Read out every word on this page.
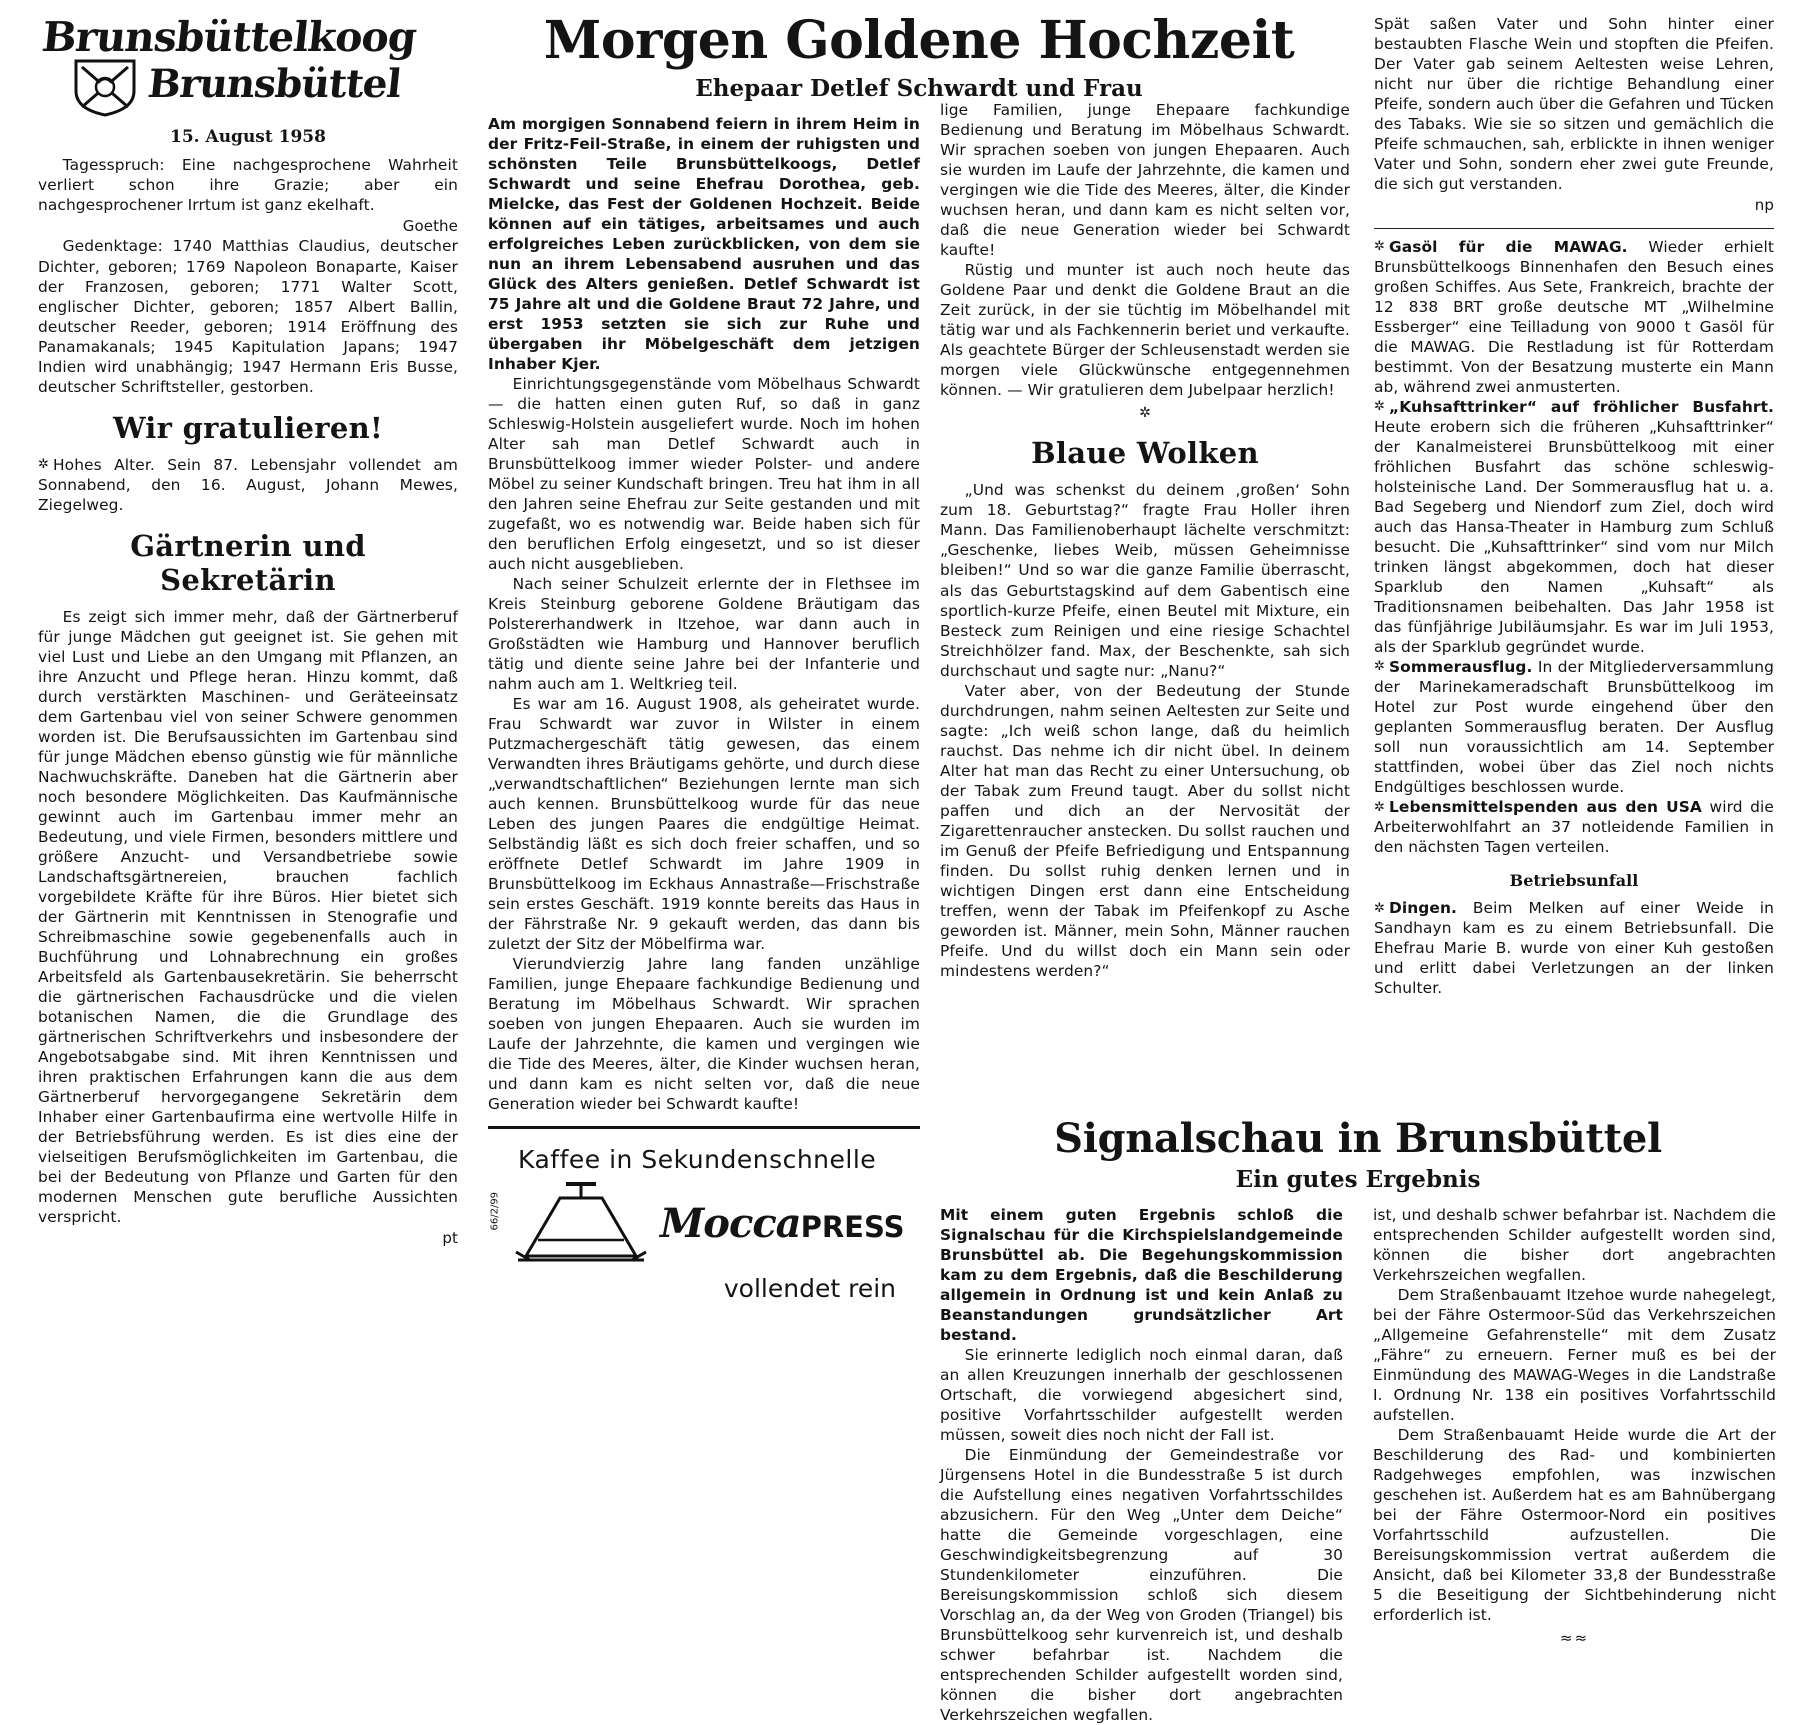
Brunsbüttelkoog
Brunsbüttel
15. August 1958

Tagesspruch: Eine nachgesprochene Wahrheit verliert schon ihre Grazie; aber ein nachgesprochener Irrtum ist ganz ekelhaft.

Goethe

Gedenktage: 1740 Matthias Claudius, deutscher Dichter, geboren; 1769 Napoleon Bonaparte, Kaiser der Franzosen, geboren; 1771 Walter Scott, englischer Dichter, geboren; 1857 Albert Ballin, deutscher Reeder, geboren; 1914 Eröffnung des Panamakanals; 1945 Kapitulation Japans; 1947 Indien wird unabhängig; 1947 Hermann Eris Busse, deutscher Schriftsteller, gestorben.

Wir gratulieren!

✲ Hohes Alter. Sein 87. Lebensjahr vollendet am Sonnabend, den 16. August, Johann Mewes, Ziegelweg.

Gärtnerin und Sekretärin

Es zeigt sich immer mehr, daß der Gärtnerberuf für junge Mädchen gut geeignet ist. Sie gehen mit viel Lust und Liebe an den Umgang mit Pflanzen, an ihre Anzucht und Pflege heran. Hinzu kommt, daß durch verstärkten Maschinen- und Geräteeinsatz dem Gartenbau viel von seiner Schwere genommen worden ist. Die Berufsaussichten im Gartenbau sind für junge Mädchen ebenso günstig wie für männliche Nachwuchskräfte. Daneben hat die Gärtnerin aber noch besondere Möglichkeiten. Das Kaufmännische gewinnt auch im Gartenbau immer mehr an Bedeutung, und viele Firmen, besonders mittlere und größere Anzucht- und Versandbetriebe sowie Landschaftsgärtnereien, brauchen fachlich vorgebildete Kräfte für ihre Büros. Hier bietet sich der Gärtnerin mit Kenntnissen in Stenografie und Schreibmaschine sowie gegebenenfalls auch in Buchführung und Lohnabrechnung ein großes Arbeitsfeld als Gartenbausekretärin. Sie beherrscht die gärtnerischen Fachausdrücke und die vielen botanischen Namen, die die Grundlage des gärtnerischen Schriftverkehrs und insbesondere der Angebotsabgabe sind. Mit ihren Kenntnissen und ihren praktischen Erfahrungen kann die aus dem Gärtnerberuf hervorgegangene Sekretärin dem Inhaber einer Gartenbaufirma eine wertvolle Hilfe in der Betriebsführung werden. Es ist dies eine der vielseitigen Berufsmöglichkeiten im Gartenbau, die bei der Bedeutung von Pflanze und Garten für den modernen Menschen gute berufliche Aussichten verspricht.

pt
Morgen Goldene Hochzeit
Ehepaar Detlef Schwardt und Frau

Am morgigen Sonnabend feiern in ihrem Heim in der Fritz-Feil-Straße, in einem der ruhigsten und schönsten Teile Brunsbüttelkoogs, Detlef Schwardt und seine Ehefrau Dorothea, geb. Mielcke, das Fest der Goldenen Hochzeit. Beide können auf ein tätiges, arbeitsames und auch erfolgreiches Leben zurückblicken, von dem sie nun an ihrem Lebensabend ausruhen und das Glück des Alters genießen. Detlef Schwardt ist 75 Jahre alt und die Goldene Braut 72 Jahre, und erst 1953 setzten sie sich zur Ruhe und übergaben ihr Möbelgeschäft dem jetzigen Inhaber Kjer.

Einrichtungsgegenstände vom Möbelhaus Schwardt — die hatten einen guten Ruf, so daß in ganz Schleswig-Holstein ausgeliefert wurde. Noch im hohen Alter sah man Detlef Schwardt auch in Brunsbüttelkoog immer wieder Polster- und andere Möbel zu seiner Kundschaft bringen. Treu hat ihm in all den Jahren seine Ehefrau zur Seite gestanden und mit zugefaßt, wo es notwendig war. Beide haben sich für den beruflichen Erfolg eingesetzt, und so ist dieser auch nicht ausgeblieben.

Nach seiner Schulzeit erlernte der in Flethsee im Kreis Steinburg geborene Goldene Bräutigam das Polstererhandwerk in Itzehoe, war dann auch in Großstädten wie Hamburg und Hannover beruflich tätig und diente seine Jahre bei der Infanterie und nahm auch am 1. Weltkrieg teil.

Es war am 16. August 1908, als geheiratet wurde. Frau Schwardt war zuvor in Wilster in einem Putzmachergeschäft tätig gewesen, das einem Verwandten ihres Bräutigams gehörte, und durch diese „verwandtschaftlichen“ Beziehungen lernte man sich auch kennen. Brunsbüttelkoog wurde für das neue Leben des jungen Paares die endgültige Heimat. Selbständig läßt es sich doch freier schaffen, und so eröffnete Detlef Schwardt im Jahre 1909 in Brunsbüttelkoog im Eckhaus Annastraße—Frischstraße sein erstes Geschäft. 1919 konnte bereits das Haus in der Fährstraße Nr. 9 gekauft werden, das dann bis zuletzt der Sitz der Möbelfirma war.

Vierundvierzig Jahre lang fanden unzählige Familien, junge Ehepaare fachkundige Bedienung und Beratung im Möbelhaus Schwardt. Wir sprachen soeben von jungen Ehepaaren. Auch sie wurden im Laufe der Jahrzehnte, die kamen und vergingen wie die Tide des Meeres, älter, die Kinder wuchsen heran, und dann kam es nicht selten vor, daß die neue Generation wieder bei Schwardt kaufte!

lige Familien, junge Ehepaare fachkundige Bedienung und Beratung im Möbelhaus Schwardt. Wir sprachen soeben von jungen Ehepaaren. Auch sie wurden im Laufe der Jahrzehnte, die kamen und vergingen wie die Tide des Meeres, älter, die Kinder wuchsen heran, und dann kam es nicht selten vor, daß die neue Generation wieder bei Schwardt kaufte!

Rüstig und munter ist auch noch heute das Goldene Paar und denkt die Goldene Braut an die Zeit zurück, in der sie tüchtig im Möbelhandel mit tätig war und als Fachkennerin beriet und verkaufte. Als geachtete Bürger der Schleusenstadt werden sie morgen viele Glückwünsche entgegennehmen können. — Wir gratulieren dem Jubelpaar herzlich!

✲
Blaue Wolken

„Und was schenkst du deinem ‚großen‘ Sohn zum 18. Geburtstag?“ fragte Frau Holler ihren Mann. Das Familienoberhaupt lächelte verschmitzt: „Geschenke, liebes Weib, müssen Geheimnisse bleiben!“ Und so war die ganze Familie überrascht, als das Geburtstagskind auf dem Gabentisch eine sportlich-kurze Pfeife, einen Beutel mit Mixture, ein Besteck zum Reinigen und eine riesige Schachtel Streichhölzer fand. Max, der Beschenkte, sah sich durchschaut und sagte nur: „Nanu?“

Vater aber, von der Bedeutung der Stunde durchdrungen, nahm seinen Aeltesten zur Seite und sagte: „Ich weiß schon lange, daß du heimlich rauchst. Das nehme ich dir nicht übel. In deinem Alter hat man das Recht zu einer Untersuchung, ob der Tabak zum Freund taugt. Aber du sollst nicht paffen und dich an der Nervosität der Zigarettenraucher anstecken. Du sollst rauchen und im Genuß der Pfeife Befriedigung und Entspannung finden. Du sollst ruhig denken lernen und in wichtigen Dingen erst dann eine Entscheidung treffen, wenn der Tabak im Pfeifenkopf zu Asche geworden ist. Männer, mein Sohn, Männer rauchen Pfeife. Und du willst doch ein Mann sein oder mindestens werden?“

Spät saßen Vater und Sohn hinter einer bestaubten Flasche Wein und stopften die Pfeifen. Der Vater gab seinem Aeltesten weise Lehren, nicht nur über die richtige Behandlung einer Pfeife, sondern auch über die Gefahren und Tücken des Tabaks. Wie sie so sitzen und gemächlich die Pfeife schmauchen, sah, erblickte in ihnen weniger Vater und Sohn, sondern eher zwei gute Freunde, die sich gut verstanden.

np

✲ Gasöl für die MAWAG. Wieder erhielt Brunsbüttelkoogs Binnenhafen den Besuch eines großen Schiffes. Aus Sete, Frankreich, brachte der 12 838 BRT große deutsche MT „Wilhelmine Essberger“ eine Teilladung von 9000 t Gasöl für die MAWAG. Die Restladung ist für Rotterdam bestimmt. Von der Besatzung musterte ein Mann ab, während zwei anmusterten.

✲ „Kuhsafttrinker“ auf fröhlicher Busfahrt. Heute erobern sich die früheren „Kuhsafttrinker“ der Kanalmeisterei Brunsbüttelkoog mit einer fröhlichen Busfahrt das schöne schleswig-holsteinische Land. Der Sommerausflug hat u. a. Bad Segeberg und Niendorf zum Ziel, doch wird auch das Hansa-Theater in Hamburg zum Schluß besucht. Die „Kuhsafttrinker“ sind vom nur Milch trinken längst abgekommen, doch hat dieser Sparklub den Namen „Kuhsaft“ als Traditionsnamen beibehalten. Das Jahr 1958 ist das fünfjährige Jubiläumsjahr. Es war im Juli 1953, als der Sparklub gegründet wurde.

✲ Sommerausflug. In der Mitgliederversammlung der Marinekameradschaft Brunsbüttelkoog im Hotel zur Post wurde eingehend über den geplanten Sommerausflug beraten. Der Ausflug soll nun voraussichtlich am 14. September stattfinden, wobei über das Ziel noch nichts Endgültiges beschlossen wurde.

✲ Lebensmittelspenden aus den USA wird die Arbeiterwohlfahrt an 37 notleidende Familien in den nächsten Tagen verteilen.

Betriebsunfall

✲ Dingen. Beim Melken auf einer Weide in Sandhayn kam es zu einem Betriebsunfall. Die Ehefrau Marie B. wurde von einer Kuh gestoßen und erlitt dabei Verletzungen an der linken Schulter.

Kaffee in Sekundenschnelle
66/2/99	MoccaPRESS
vollendet rein
Signalschau in Brunsbüttel
Ein gutes Ergebnis

Mit einem guten Ergebnis schloß die Signalschau für die Kirchspielslandgemeinde Brunsbüttel ab. Die Begehungskommission kam zu dem Ergebnis, daß die Beschilderung allgemein in Ordnung ist und kein Anlaß zu Beanstandungen grundsätzlicher Art bestand.

Sie erinnerte lediglich noch einmal daran, daß an allen Kreuzungen innerhalb der geschlossenen Ortschaft, die vorwiegend abgesichert sind, positive Vorfahrtsschilder aufgestellt werden müssen, soweit dies noch nicht der Fall ist.

Die Einmündung der Gemeindestraße vor Jürgensens Hotel in die Bundesstraße 5 ist durch die Aufstellung eines negativen Vorfahrtsschildes abzusichern. Für den Weg „Unter dem Deiche“ hatte die Gemeinde vorgeschlagen, eine Geschwindigkeitsbegrenzung auf 30 Stundenkilometer einzuführen. Die Bereisungskommission schloß sich diesem Vorschlag an, da der Weg von Groden (Triangel) bis Brunsbüttelkoog sehr kurvenreich ist, und deshalb schwer befahrbar ist. Nachdem die entsprechenden Schilder aufgestellt worden sind, können die bisher dort angebrachten Verkehrszeichen wegfallen.

ist, und deshalb schwer befahrbar ist. Nachdem die entsprechenden Schilder aufgestellt worden sind, können die bisher dort angebrachten Verkehrszeichen wegfallen.

Dem Straßenbauamt Itzehoe wurde nahegelegt, bei der Fähre Ostermoor-Süd das Verkehrszeichen „Allgemeine Gefahrenstelle“ mit dem Zusatz „Fähre“ zu erneuern. Ferner muß es bei der Einmündung des MAWAG-Weges in die Landstraße I. Ordnung Nr. 138 ein positives Vorfahrtsschild aufstellen.

Dem Straßenbauamt Heide wurde die Art der Beschilderung des Rad- und kombinierten Radgehweges empfohlen, was inzwischen geschehen ist. Außerdem hat es am Bahnübergang bei der Fähre Ostermoor-Nord ein positives Vorfahrtsschild aufzustellen. Die Bereisungskommission vertrat außerdem die Ansicht, daß bei Kilometer 33,8 der Bundesstraße 5 die Beseitigung der Sichtbehinderung nicht erforderlich ist.

≈≈
